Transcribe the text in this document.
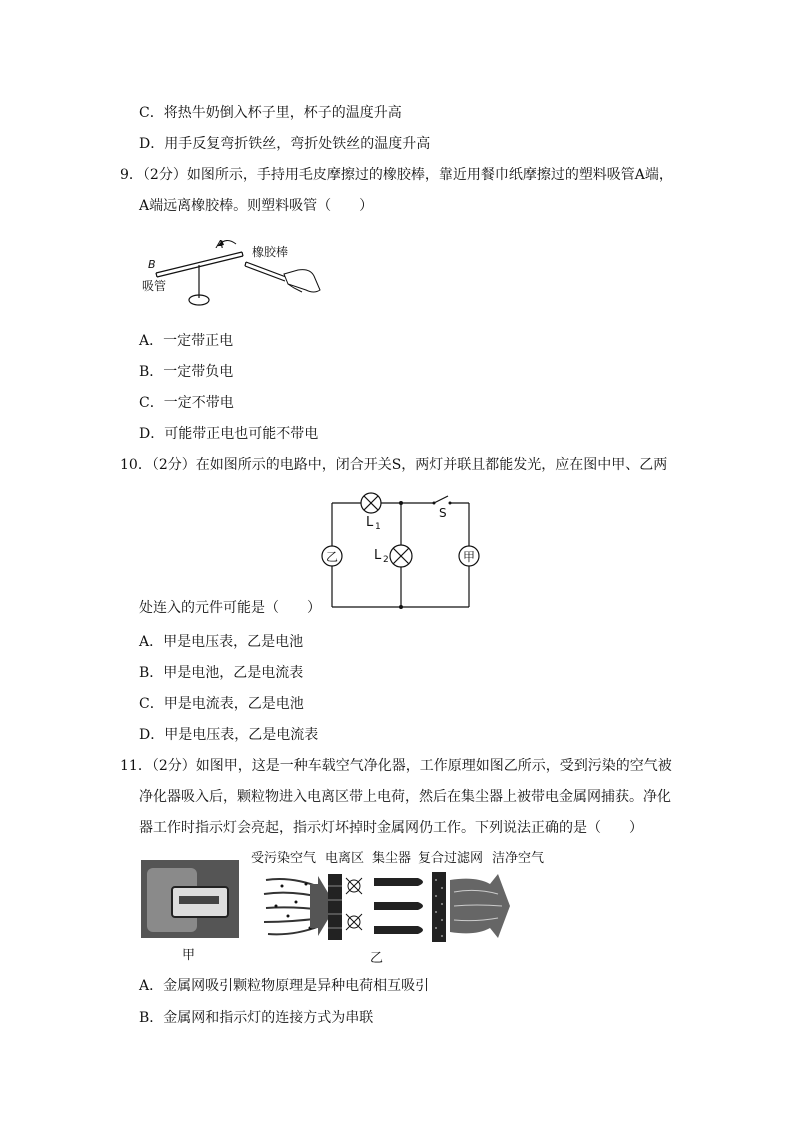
C．将热牛奶倒入杯子里，杯子的温度升高
D．用手反复弯折铁丝，弯折处铁丝的温度升高
9．（2分）如图所示，手持用毛皮摩擦过的橡胶棒，靠近用餐巾纸摩擦过的塑料吸管A端，
A端远离橡胶棒。则塑料吸管（　　）
A
B
橡胶棒
吸管
A．一定带正电
B．一定带负电
C．一定不带电
D．可能带正电也可能不带电
10．（2分）在如图所示的电路中，闭合开关S，两灯并联且都能发光，应在图中甲、乙两
L 1
L 2
S
乙	甲
处连入的元件可能是（　　）
A．甲是电压表，乙是电池
B．甲是电池，乙是电流表
C．甲是电流表，乙是电池
D．甲是电压表，乙是电流表
11．（2分）如图甲，这是一种车载空气净化器，工作原理如图乙所示，受到污染的空气被
净化器吸入后，颗粒物进入电离区带上电荷，然后在集尘器上被带电金属网捕获。净化
器工作时指示灯会亮起，指示灯坏掉时金属网仍工作。下列说法正确的是（　　）
甲
受污染空气 电离区 集尘器 复合过滤网 洁净空气
乙
A．金属网吸引颗粒物原理是异种电荷相互吸引
B．金属网和指示灯的连接方式为串联
